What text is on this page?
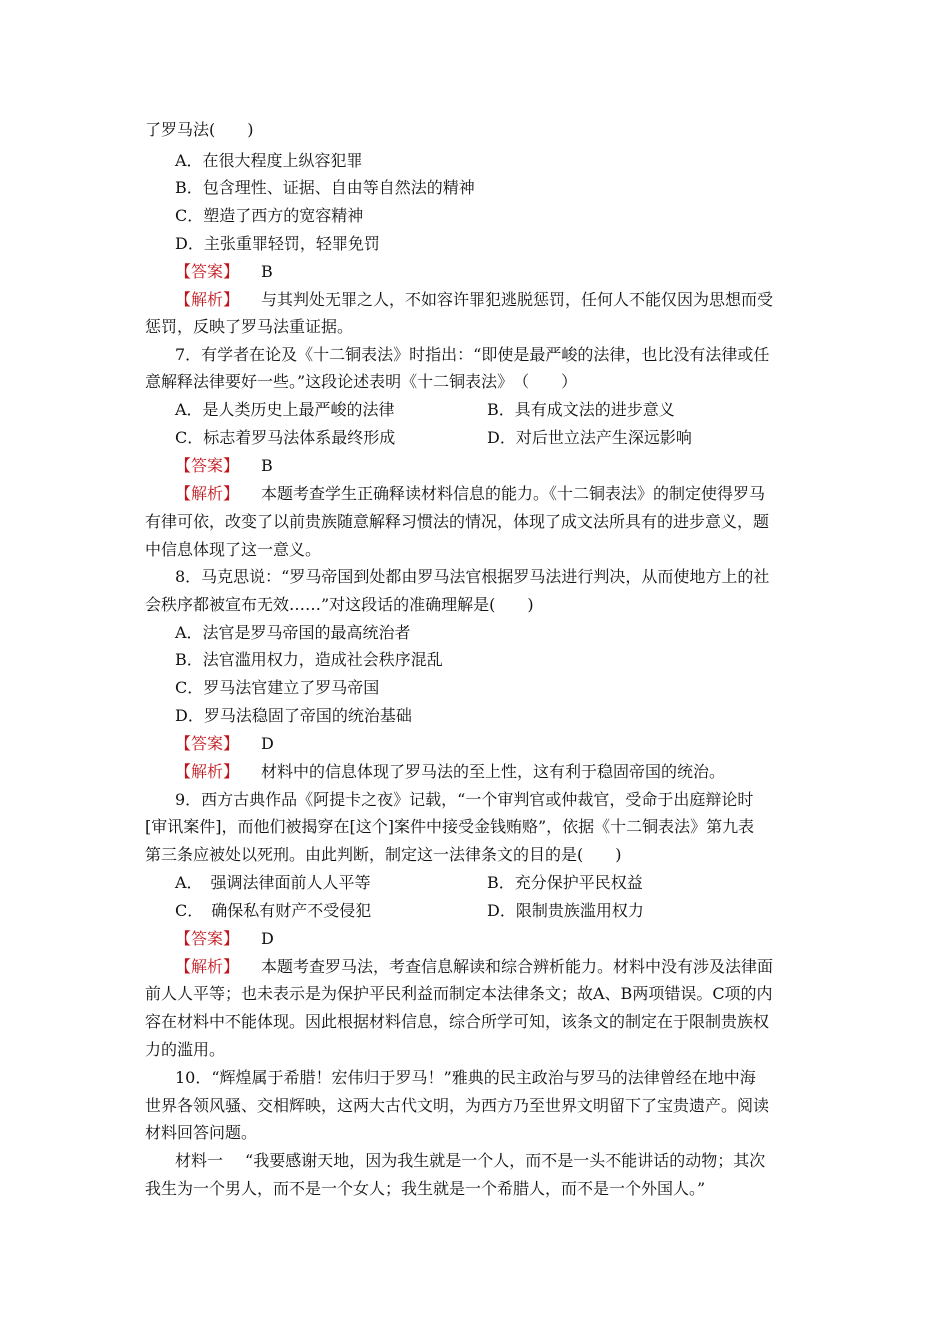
了罗马法(　　)
A．在很大程度上纵容犯罪
B．包含理性、证据、自由等自然法的精神
C．塑造了西方的宽容精神
D．主张重罪轻罚，轻罪免罚
【答案】 B
【解析】 与其判处无罪之人，不如容许罪犯逃脱惩罚，任何人不能仅因为思想而受
惩罚，反映了罗马法重证据。
7．有学者在论及《十二铜表法》时指出：“即使是最严峻的法律，也比没有法律或任
意解释法律要好一些。”这段论述表明《十二铜表法》　（　　）
A．是人类历史上最严峻的法律	B．具有成文法的进步意义
C．标志着罗马法体系最终形成	D．对后世立法产生深远影响
【答案】 B
【解析】 本题考查学生正确释读材料信息的能力。《十二铜表法》的制定使得罗马
有律可依，改变了以前贵族随意解释习惯法的情况，体现了成文法所具有的进步意义，题
中信息体现了这一意义。
8．马克思说：“罗马帝国到处都由罗马法官根据罗马法进行判决，从而使地方上的社
会秩序都被宣布无效……”对这段话的准确理解是(　　)
A．法官是罗马帝国的最高统治者
B．法官滥用权力，造成社会秩序混乱
C．罗马法官建立了罗马帝国
D．罗马法稳固了帝国的统治基础
【答案】 D
【解析】 材料中的信息体现了罗马法的至上性，这有利于稳固帝国的统治。
9．西方古典作品《阿提卡之夜》记载，“一个审判官或仲裁官，受命于出庭辩论时
[审讯案件]，而他们被揭穿在[这个]案件中接受金钱贿赂”，依据《十二铜表法》第九表
第三条应被处以死刑。由此判断，制定这一法律条文的目的是(　　)
A．　强调法律面前人人平等	B．充分保护平民权益
C．　确保私有财产不受侵犯	D．限制贵族滥用权力
【答案】 D
【解析】 本题考查罗马法，考查信息解读和综合辨析能力。材料中没有涉及法律面
前人人平等；也未表示是为保护平民利益而制定本法律条文；故A、B两项错误。C项的内
容在材料中不能体现。因此根据材料信息，综合所学可知，该条文的制定在于限制贵族权
力的滥用。
10．“辉煌属于希腊！宏伟归于罗马！”雅典的民主政治与罗马的法律曾经在地中海
世界各领风骚、交相辉映，这两大古代文明，为西方乃至世界文明留下了宝贵遗产。阅读
材料回答问题。
材料一 “我要感谢天地，因为我生就是一个人，而不是一头不能讲话的动物；其次
我生为一个男人，而不是一个女人；我生就是一个希腊人，而不是一个外国人。”
